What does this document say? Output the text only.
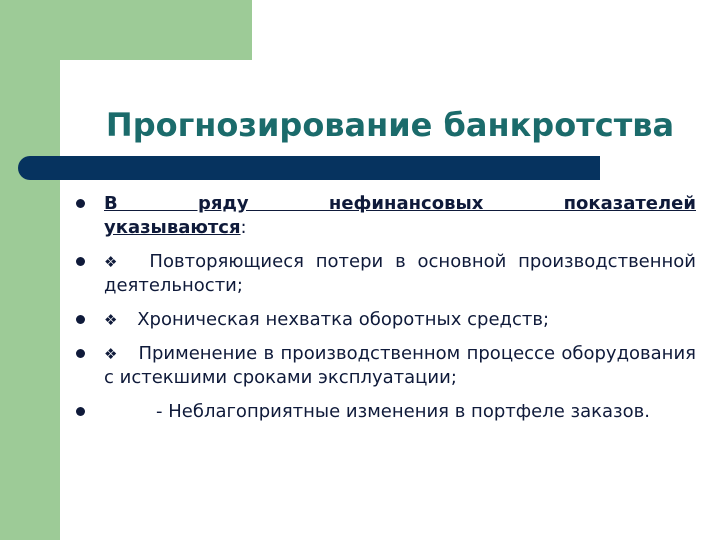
Прогнозирование банкротства
В ряду нефинансовых показателей указываются:
❖ Повторяющиеся потери в основной производственной деятельности;
❖ Хроническая нехватка оборотных средств;
❖ Применение в производственном процессе оборудования с истекшими сроками эксплуатации;
- Неблагоприятные изменения в портфеле заказов.
